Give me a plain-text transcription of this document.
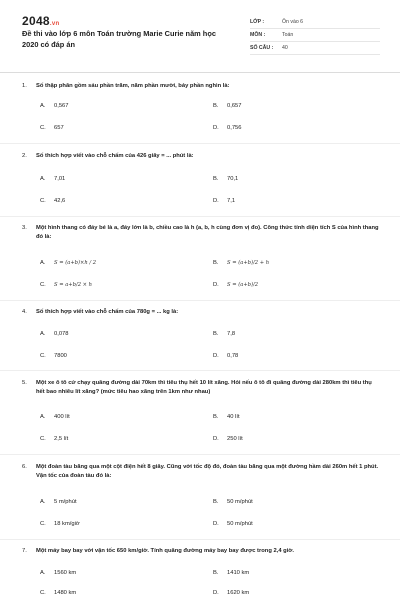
2048.vn
Đề thi vào lớp 6 môn Toán trường Marie Curie năm học 2020 có đáp án
LỚP :	Ôn vào 6
MÔN :	Toán
SỐ CÂU :	40
1.	Số thập phân gồm sáu phần trăm, năm phần mười, bảy phần nghìn là:
A.	0,567	B.	0,657
C.	657	D.	0,756
2.	Số thích hợp viết vào chỗ chấm của 426 giây = ... phút là:
A.	7,01	B.	70,1
C.	42,6	D.	7,1
3.	Một hình thang có đáy bé là a, đáy lớn là b, chiều cao là h (a, b, h cùng đơn vị đo). Công thức tính diện tích S của hình thang đó là:
A.	S = (a+b)×h / 2	B.	S = (a+b)/2 + h
C.	S = a+b/2 × h	D.	S = (a+b)/2
4.	Số thích hợp viết vào chỗ chấm của 780g = ... kg là:
A.	0,078	B.	7,8
C.	7800	D.	0,78
5.	Một xe ô tô cứ chạy quãng đường dài 70km thì tiêu thụ hết 10 lít xăng. Hỏi nếu ô tô đi quãng đường dài 280km thì tiêu thụ hết bao nhiêu lít xăng? (mức tiêu hao xăng trên 1km như nhau)
A.	400 lít	B.	40 lít
C.	2,5 lít	D.	250 lít
6.	Một đoàn tàu băng qua một cột điện hết 8 giây. Cũng với tốc độ đó, đoàn tàu băng qua một đường hầm dài 260m hết 1 phút. Vận tốc của đoàn tàu đó là:
A.	5 m/phút	B.	50 m/phút
C.	18 km/giờ	D.	50 m/phút
7.	Một máy bay bay với vận tốc 650 km/giờ. Tính quãng đường máy bay bay được trong 2,4 giờ.
A.	1560 km	B.	1410 km
C.	1480 km	D.	1620 km
